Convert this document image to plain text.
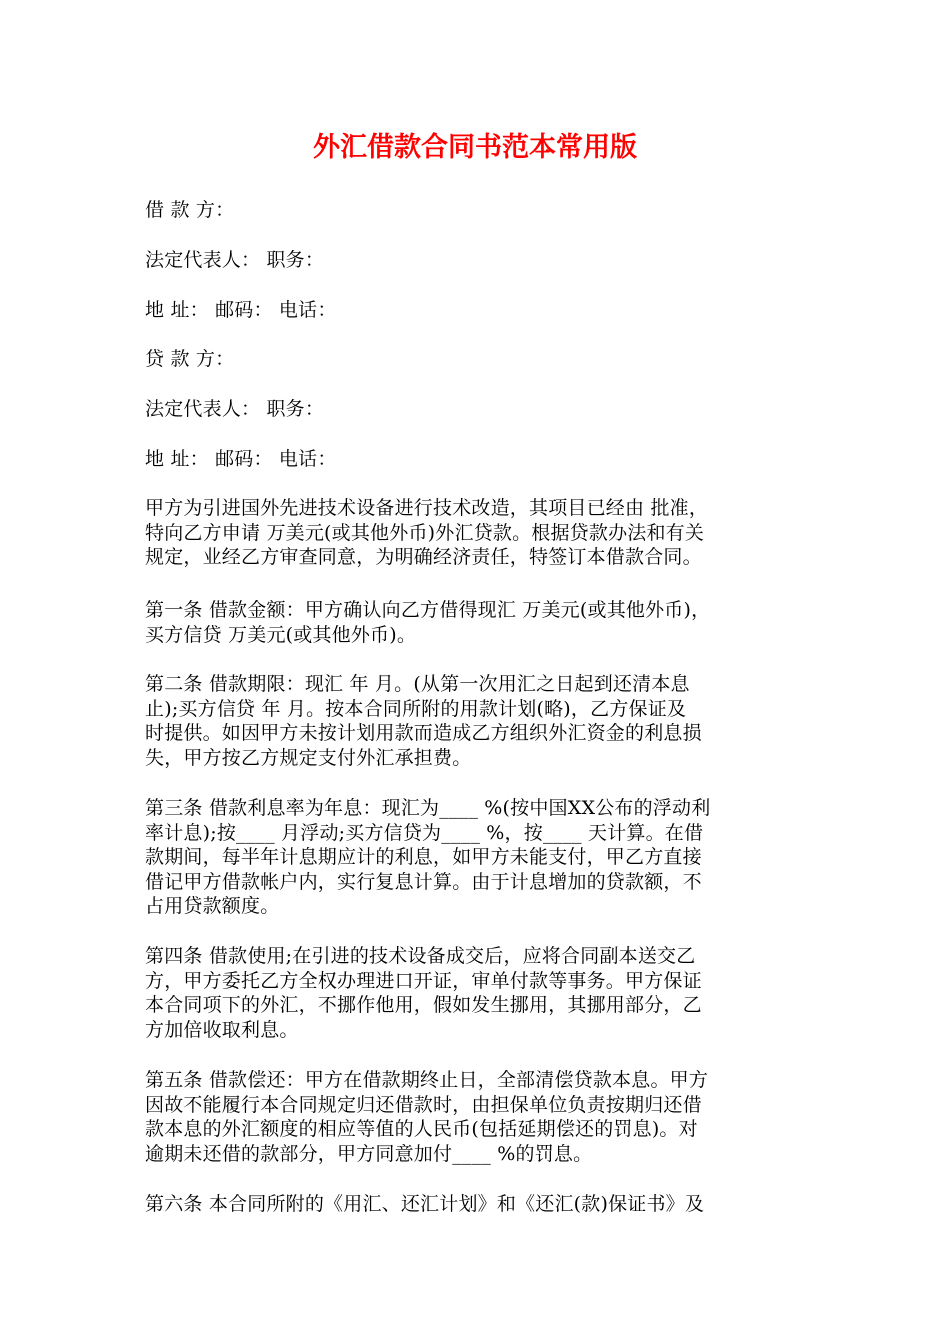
外汇借款合同书范本常用版

借 款 方：

法定代表人： 职务：

地 址： 邮码： 电话：

贷 款 方：

法定代表人： 职务：

地 址： 邮码： 电话：

甲方为引进国外先进技术设备进行技术改造，其项目已经由 批准，
特向乙方申请 万美元(或其他外币)外汇贷款。根据贷款办法和有关
规定，业经乙方审查同意，为明确经济责任，特签订本借款合同。
第一条 借款金额：甲方确认向乙方借得现汇 万美元(或其他外币)，
买方信贷 万美元(或其他外币)。
第二条 借款期限：现汇 年 月。(从第一次用汇之日起到还清本息
止);买方信贷 年 月。按本合同所附的用款计划(略)，乙方保证及
时提供。如因甲方未按计划用款而造成乙方组织外汇资金的利息损
失，甲方按乙方规定支付外汇承担费。
第三条 借款利息率为年息：现汇为____ %(按中国XX公布的浮动利
率计息);按____ 月浮动;买方信贷为____ %，按____ 天计算。在借
款期间，每半年计息期应计的利息，如甲方未能支付，甲乙方直接
借记甲方借款帐户内，实行复息计算。由于计息增加的贷款额，不
占用贷款额度。
第四条 借款使用;在引进的技术设备成交后，应将合同副本送交乙
方，甲方委托乙方全权办理进口开证，审单付款等事务。甲方保证
本合同项下的外汇，不挪作他用，假如发生挪用，其挪用部分，乙
方加倍收取利息。
第五条 借款偿还：甲方在借款期终止日，全部清偿贷款本息。甲方
因故不能履行本合同规定归还借款时，由担保单位负责按期归还借
款本息的外汇额度的相应等值的人民币(包括延期偿还的罚息)。对
逾期未还借的款部分，甲方同意加付____ %的罚息。
第六条 本合同所附的《用汇、还汇计划》和《还汇(款)保证书》及
